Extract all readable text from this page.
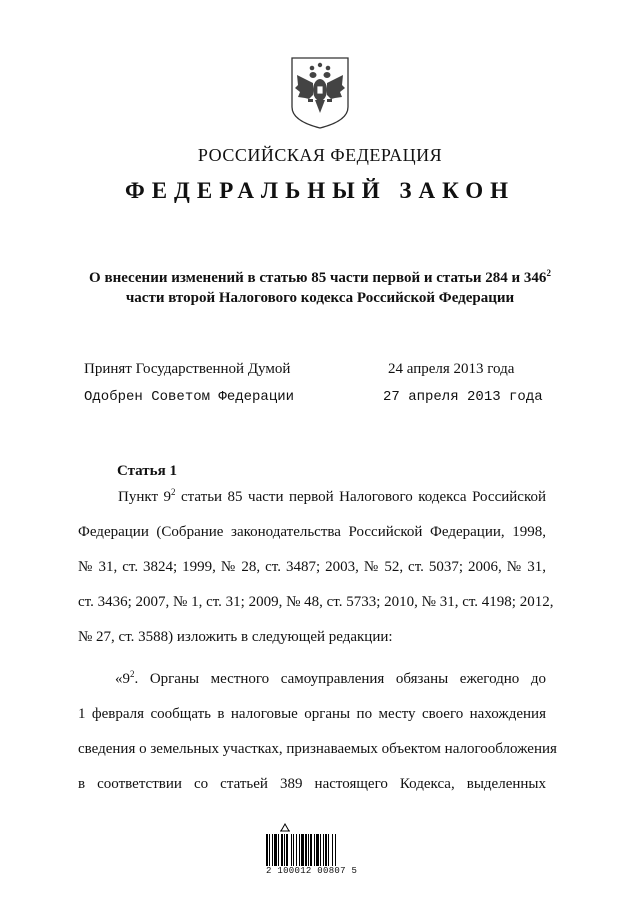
РОССИЙСКАЯ ФЕДЕРАЦИЯ
ФЕДЕРАЛЬНЫЙ ЗАКОН
О внесении изменений в статью 85 части первой и статьи 284 и $346^2$
части второй Налогового кодекса Российской Федерации
Принят Государственной Думой	24 апреля 2013 года
Одобрен Советом Федерации	27 апреля 2013 года
Статья 1
Пункт $9^2$ статьи 85 части первой Налогового кодекса Российской
Федерации (Собрание законодательства Российской Федерации, 1998,
№ 31, ст. 3824; 1999, № 28, ст. 3487; 2003, № 52, ст. 5037; 2006, № 31,
ст. 3436; 2007, № 1, ст. 31; 2009, № 48, ст. 5733; 2010, № 31, ст. 4198; 2012,
№ 27, ст. 3588) изложить в следующей редакции:
«$9^2$. Органы местного самоуправления обязаны ежегодно до
1 февраля сообщать в налоговые органы по месту своего нахождения
сведения о земельных участках, признаваемых объектом налогообложения
в соответствии со статьей 389 настоящего Кодекса, выделенных
2 100012 00807 5
